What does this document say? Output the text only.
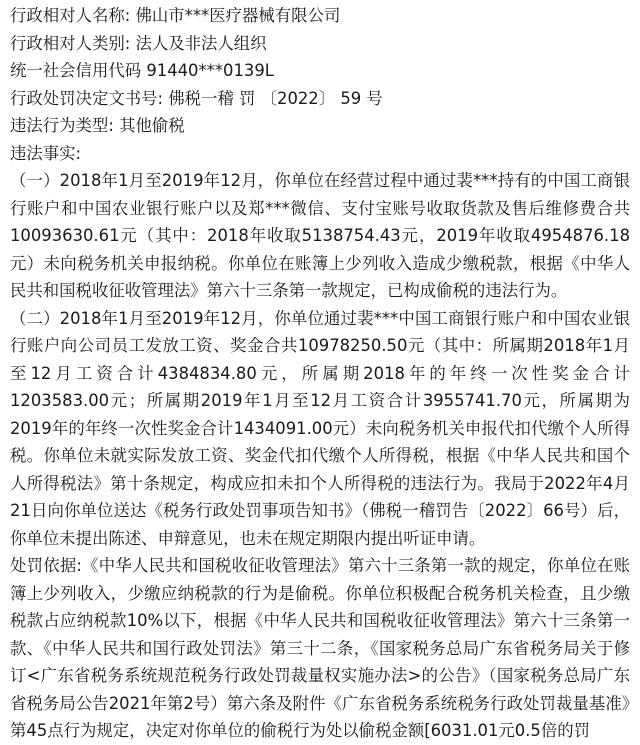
行政相对人名称: 佛山市***医疗器械有限公司

行政相对人类别: 法人及非法人组织

统一社会信用代码 91440***0139L

行政处罚决定文书号: 佛税一稽 罚 〔2022〕 59 号

违法行为类型: 其他偷税

违法事实:

（一）2018年1月至2019年12月，你单位在经营过程中通过裴***持有的中国工商银行账户和中国农业银行账户以及郑***微信、支付宝账号收取货款及售后维修费合共10093630.61元（其中：2018年收取5138754.43元，2019年收取4954876.18元）未向税务机关申报纳税。你单位在账簿上少列收入造成少缴税款，根据《中华人民共和国税收征收管理法》第六十三条第一款规定，已构成偷税的违法行为。

（二）2018年1月至2019年12月，你单位通过裴***中国工商银行账户和中国农业银行账户向公司员工发放工资、奖金合共10978250.50元（其中：所属期2018年1月至12月工资合计4384834.80元，所属期2018年的年终一次性奖金合计1203583.00元；所属期2019年1月至12月工资合计3955741.70元，所属期为2019年的年终一次性奖金合计1434091.00元）未向税务机关申报代扣代缴个人所得税。你单位未就实际发放工资、奖金代扣代缴个人所得税，根据《中华人民共和国个人所得税法》第十条规定，构成应扣未扣个人所得税的违法行为。我局于2022年4月21日向你单位送达《税务行政处罚事项告知书》（佛税一稽罚告〔2022〕66号）后，你单位未提出陈述、申辩意见，也未在规定期限内提出听证申请。

处罚依据:《中华人民共和国税收征收管理法》第六十三条第一款的规定，你单位在账簿上少列收入，少缴应纳税款的行为是偷税。你单位积极配合税务机关检查，且少缴税款占应纳税款10%以下，根据《中华人民共和国税收征收管理法》第六十三条第一款、《中华人民共和国行政处罚法》第三十二条，《国家税务总局广东省税务局关于修订<广东省税务系统规范税务行政处罚裁量权实施办法>的公告》（国家税务总局广东省税务局公告2021年第2号）第六条及附件《广东省税务系统税务行政处罚裁量基准》第45点行为规定，决定对你单位的偷税行为处以偷税金额[6031.01元0.5倍的罚
